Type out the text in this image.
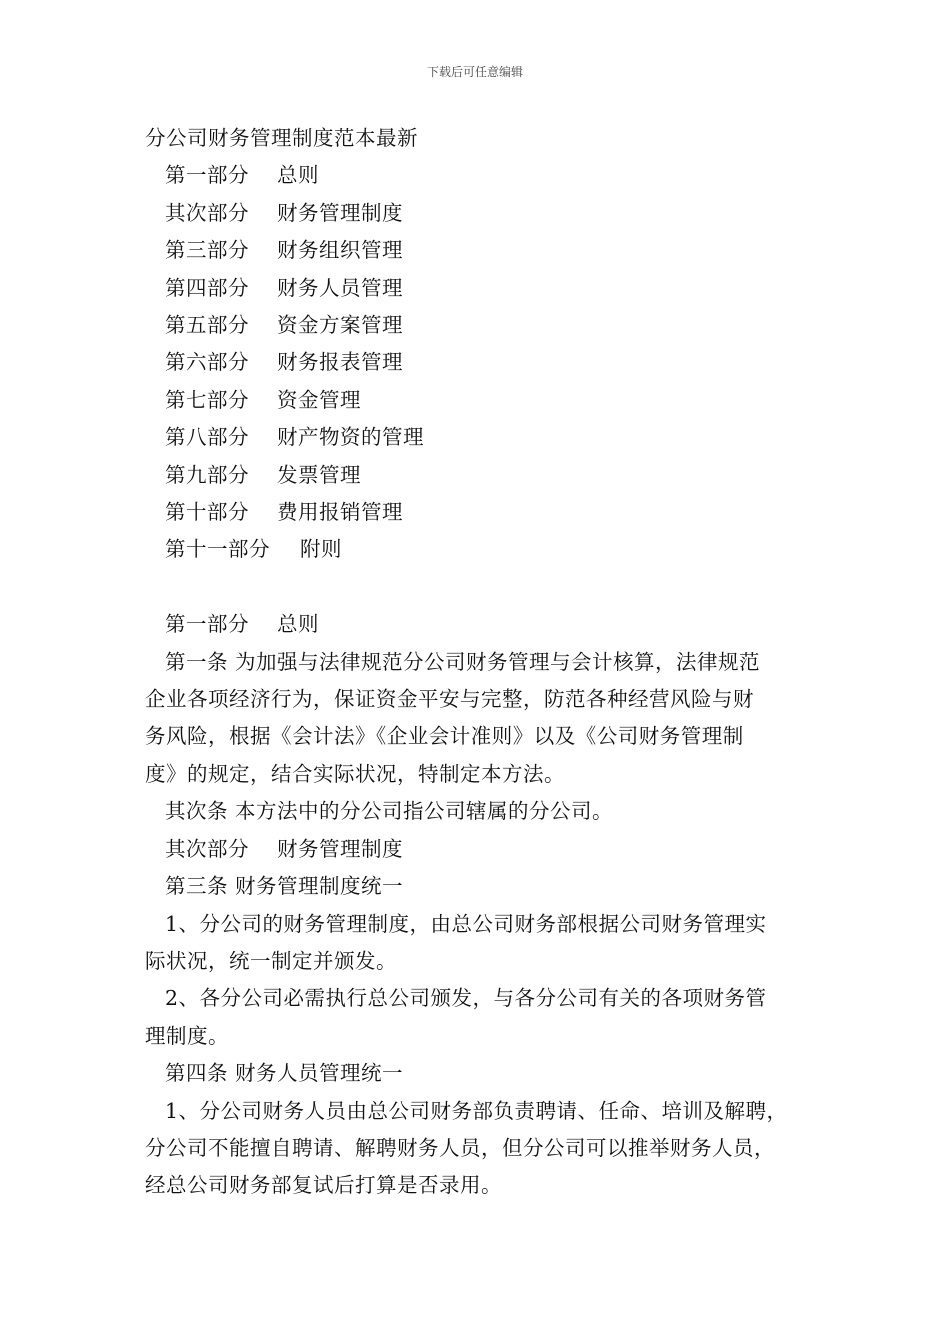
下载后可任意编辑

分公司财务管理制度范本最新

第一部分 总则

其次部分 财务管理制度

第三部分 财务组织管理

第四部分 财务人员管理

第五部分 资金方案管理

第六部分 财务报表管理

第七部分 资金管理

第八部分 财产物资的管理

第九部分 发票管理

第十部分 费用报销管理

第十一部分 附则

第一部分　 总则

第一条 为加强与法律规范分公司财务管理与会计核算，法律规范

企业各项经济行为，保证资金平安与完整，防范各种经营风险与财

务风险，根据《会计法》《企业会计准则》以及《公司财务管理制

度》的规定，结合实际状况，特制定本方法。

其次条 本方法中的分公司指公司辖属的分公司。

其次部分　 财务管理制度

第三条 财务管理制度统一

1、分公司的财务管理制度，由总公司财务部根据公司财务管理实

际状况，统一制定并颁发。

2、各分公司必需执行总公司颁发，与各分公司有关的各项财务管

理制度。

第四条 财务人员管理统一

1、分公司财务人员由总公司财务部负责聘请、任命、培训及解聘，

分公司不能擅自聘请、解聘财务人员，但分公司可以推举财务人员，

经总公司财务部复试后打算是否录用。
